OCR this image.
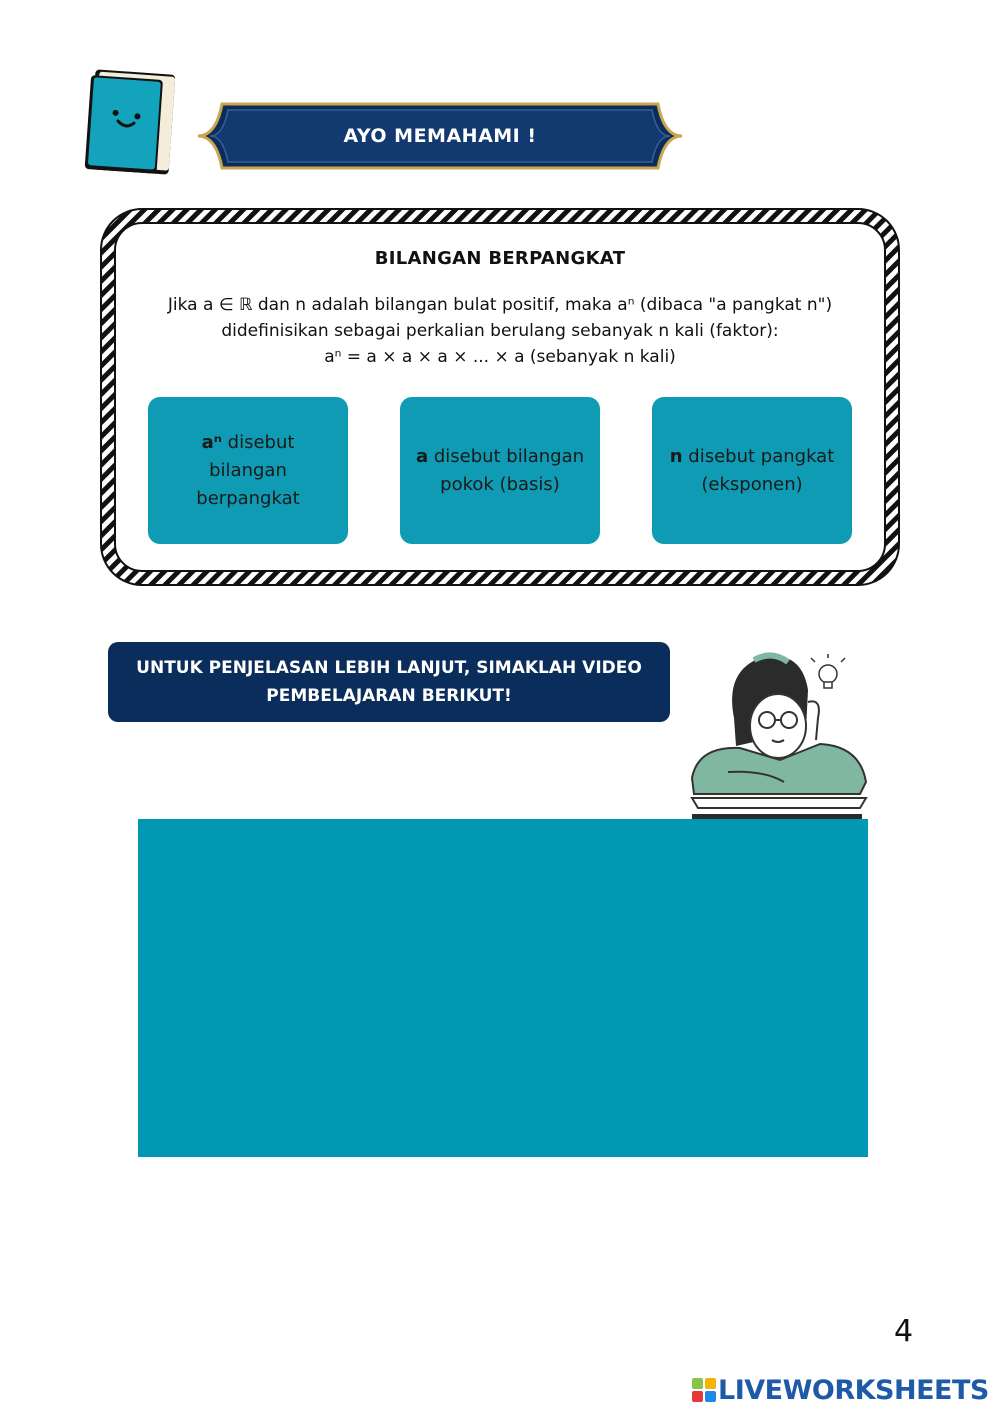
AYO MEMAHAMI !
BILANGAN BERPANGKAT
Jika a ∈ ℝ dan n adalah bilangan bulat positif, maka aⁿ (dibaca "a pangkat n")
didefinisikan sebagai perkalian berulang sebanyak n kali (faktor):
aⁿ = a × a × a × ... × a (sebanyak n kali)
aⁿ disebut bilangan berpangkat
a disebut bilangan pokok (basis)
n disebut pangkat (eksponen)
UNTUK PENJELASAN LEBIH LANJUT, SIMAKLAH VIDEO PEMBELAJARAN BERIKUT!
4
LIVEWORKSHEETS
